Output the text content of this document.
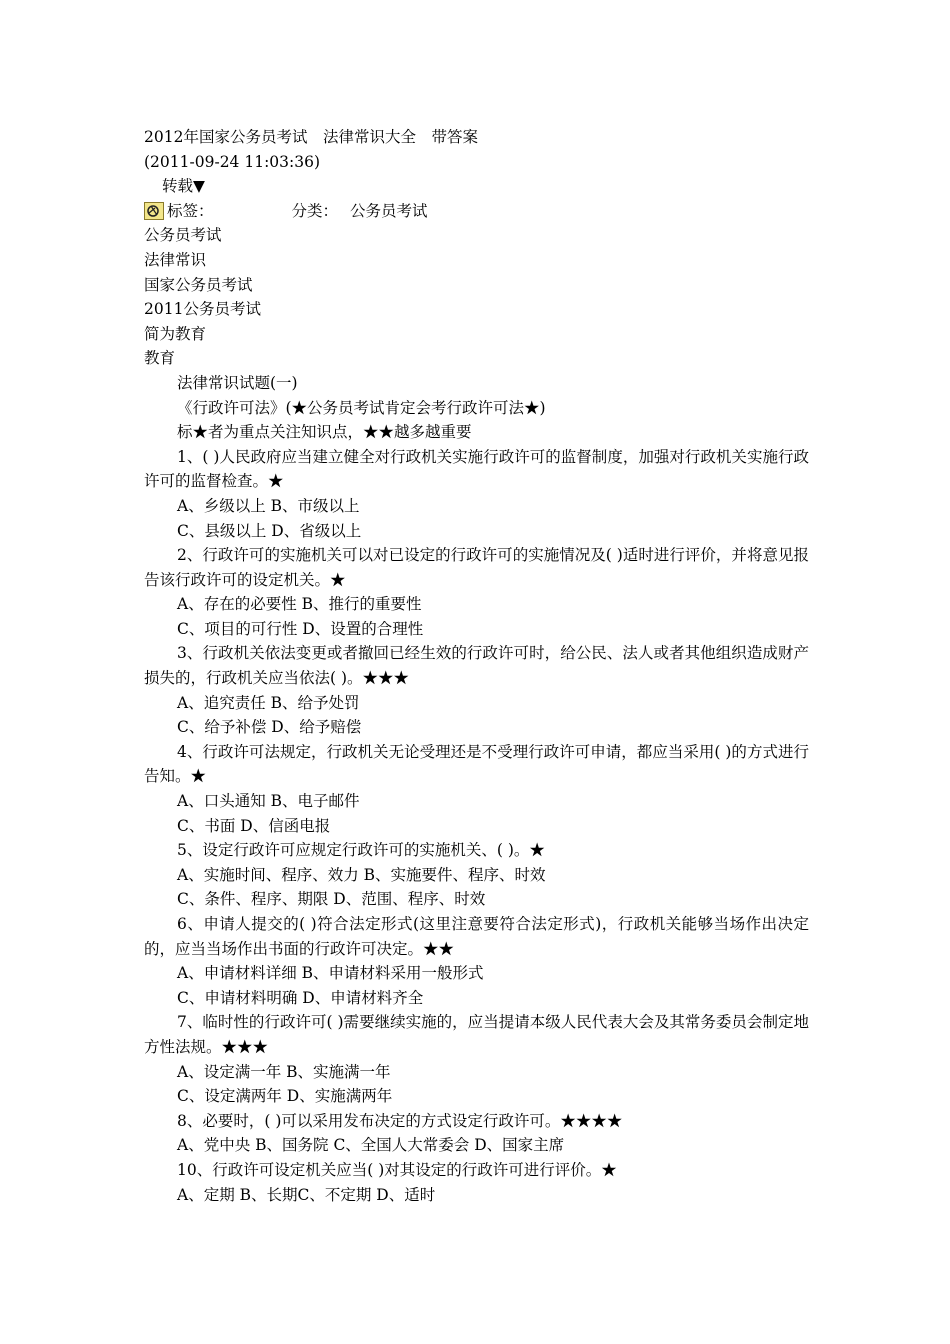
2012年国家公务员考试　法律常识大全　带答案
(2011-09-24 11:03:36)
转载▼
标签：	分类： 公务员考试
公务员考试
法律常识
国家公务员考试
2011公务员考试
简为教育
教育
法律常识试题(一)
《行政许可法》(★公务员考试肯定会考行政许可法★)
标★者为重点关注知识点，★★越多越重要
1、( )人民政府应当建立健全对行政机关实施行政许可的监督制度，加强对行政机关实施行政许可的监督检查。★
A、乡级以上 B、市级以上
C、县级以上 D、省级以上
2、行政许可的实施机关可以对已设定的行政许可的实施情况及( )适时进行评价，并将意见报告该行政许可的设定机关。★
A、存在的必要性 B、推行的重要性
C、项目的可行性 D、设置的合理性
3、行政机关依法变更或者撤回已经生效的行政许可时，给公民、法人或者其他组织造成财产损失的，行政机关应当依法( )。★★★
A、追究责任 B、给予处罚
C、给予补偿 D、给予赔偿
4、行政许可法规定，行政机关无论受理还是不受理行政许可申请，都应当采用( )的方式进行告知。★
A、口头通知 B、电子邮件
C、书面 D、信函电报
5、设定行政许可应规定行政许可的实施机关、( )。★
A、实施时间、程序、效力 B、实施要件、程序、时效
C、条件、程序、期限 D、范围、程序、时效
6、申请人提交的( )符合法定形式(这里注意要符合法定形式)，行政机关能够当场作出决定的，应当当场作出书面的行政许可决定。★★
A、申请材料详细 B、申请材料采用一般形式
C、申请材料明确 D、申请材料齐全
7、临时性的行政许可( )需要继续实施的，应当提请本级人民代表大会及其常务委员会制定地方性法规。★★★
A、设定满一年 B、实施满一年
C、设定满两年 D、实施满两年
8、必要时，( )可以采用发布决定的方式设定行政许可。★★★★
A、党中央 B、国务院 C、全国人大常委会 D、国家主席
10、行政许可设定机关应当( )对其设定的行政许可进行评价。★
A、定期 B、长期C、不定期 D、适时
